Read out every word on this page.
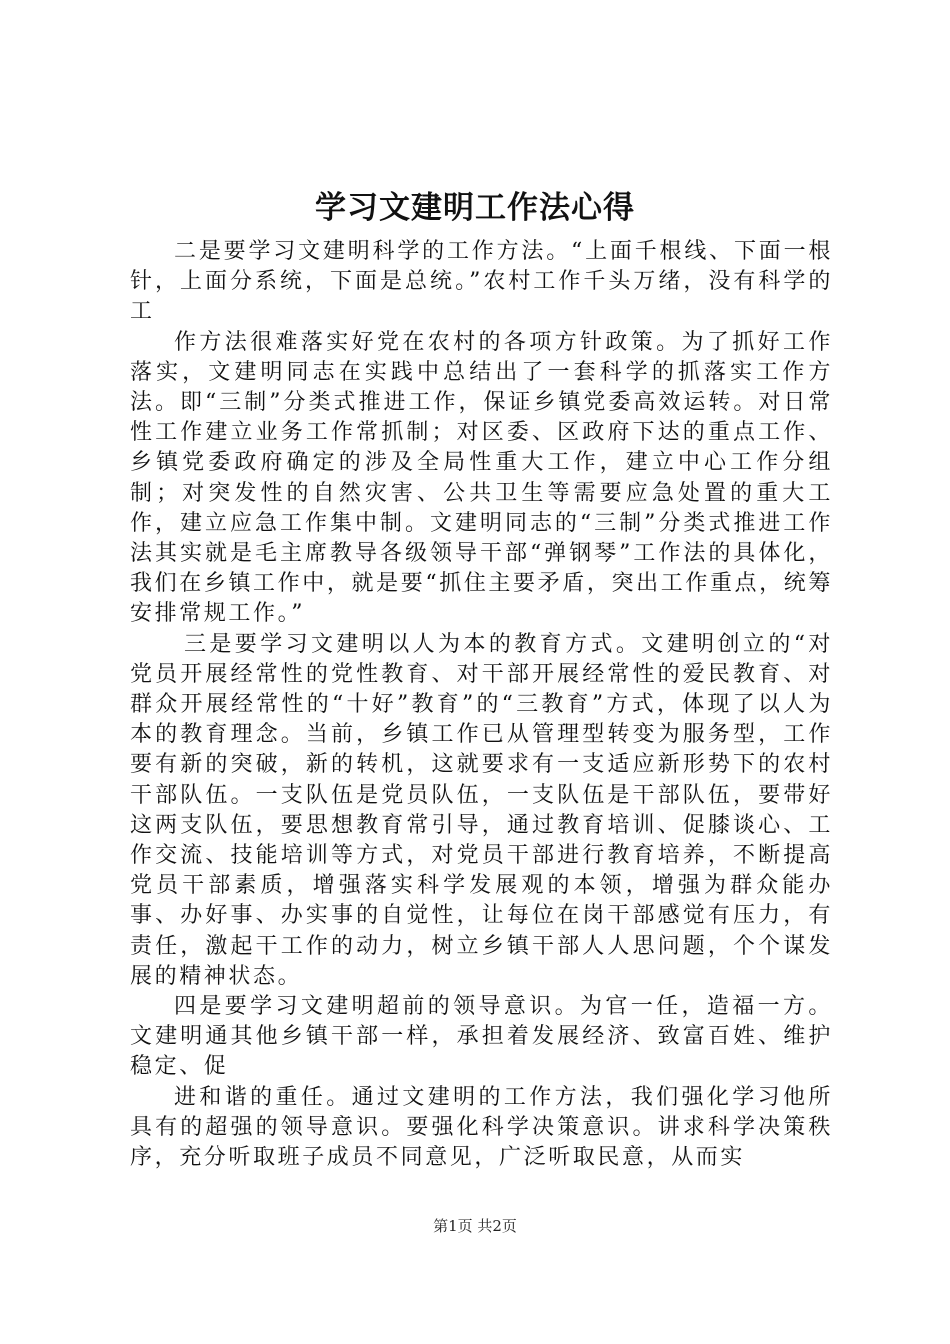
学习文建明工作法心得

二是要学习文建明科学的工作方法。“上面千根线、下面一根针，上面分系统，下面是总统。”农村工作千头万绪，没有科学的工

作方法很难落实好党在农村的各项方针政策。为了抓好工作落实，文建明同志在实践中总结出了一套科学的抓落实工作方法。即“三制”分类式推进工作，保证乡镇党委高效运转。对日常性工作建立业务工作常抓制；对区委、区政府下达的重点工作、乡镇党委政府确定的涉及全局性重大工作，建立中心工作分组制；对突发性的自然灾害、公共卫生等需要应急处置的重大工作，建立应急工作集中制。文建明同志的“三制”分类式推进工作法其实就是毛主席教导各级领导干部“弹钢琴”工作法的具体化，我们在乡镇工作中，就是要“抓住主要矛盾，突出工作重点，统筹安排常规工作。”

三是要学习文建明以人为本的教育方式。文建明创立的“对党员开展经常性的党性教育、对干部开展经常性的爱民教育、对群众开展经常性的“十好”教育”的“三教育”方式，体现了以人为本的教育理念。当前，乡镇工作已从管理型转变为服务型，工作要有新的突破，新的转机，这就要求有一支适应新形势下的农村干部队伍。一支队伍是党员队伍，一支队伍是干部队伍，要带好这两支队伍，要思想教育常引导，通过教育培训、促膝谈心、工作交流、技能培训等方式，对党员干部进行教育培养，不断提高党员干部素质，增强落实科学发展观的本领，增强为群众能办事、办好事、办实事的自觉性，让每位在岗干部感觉有压力，有责任，激起干工作的动力，树立乡镇干部人人思问题，个个谋发展的精神状态。

四是要学习文建明超前的领导意识。为官一任，造福一方。文建明通其他乡镇干部一样，承担着发展经济、致富百姓、维护稳定、促

进和谐的重任。通过文建明的工作方法，我们强化学习他所具有的超强的领导意识。要强化科学决策意识。讲求科学决策秩序，充分听取班子成员不同意见，广泛听取民意，从而实

第1页 共2页
